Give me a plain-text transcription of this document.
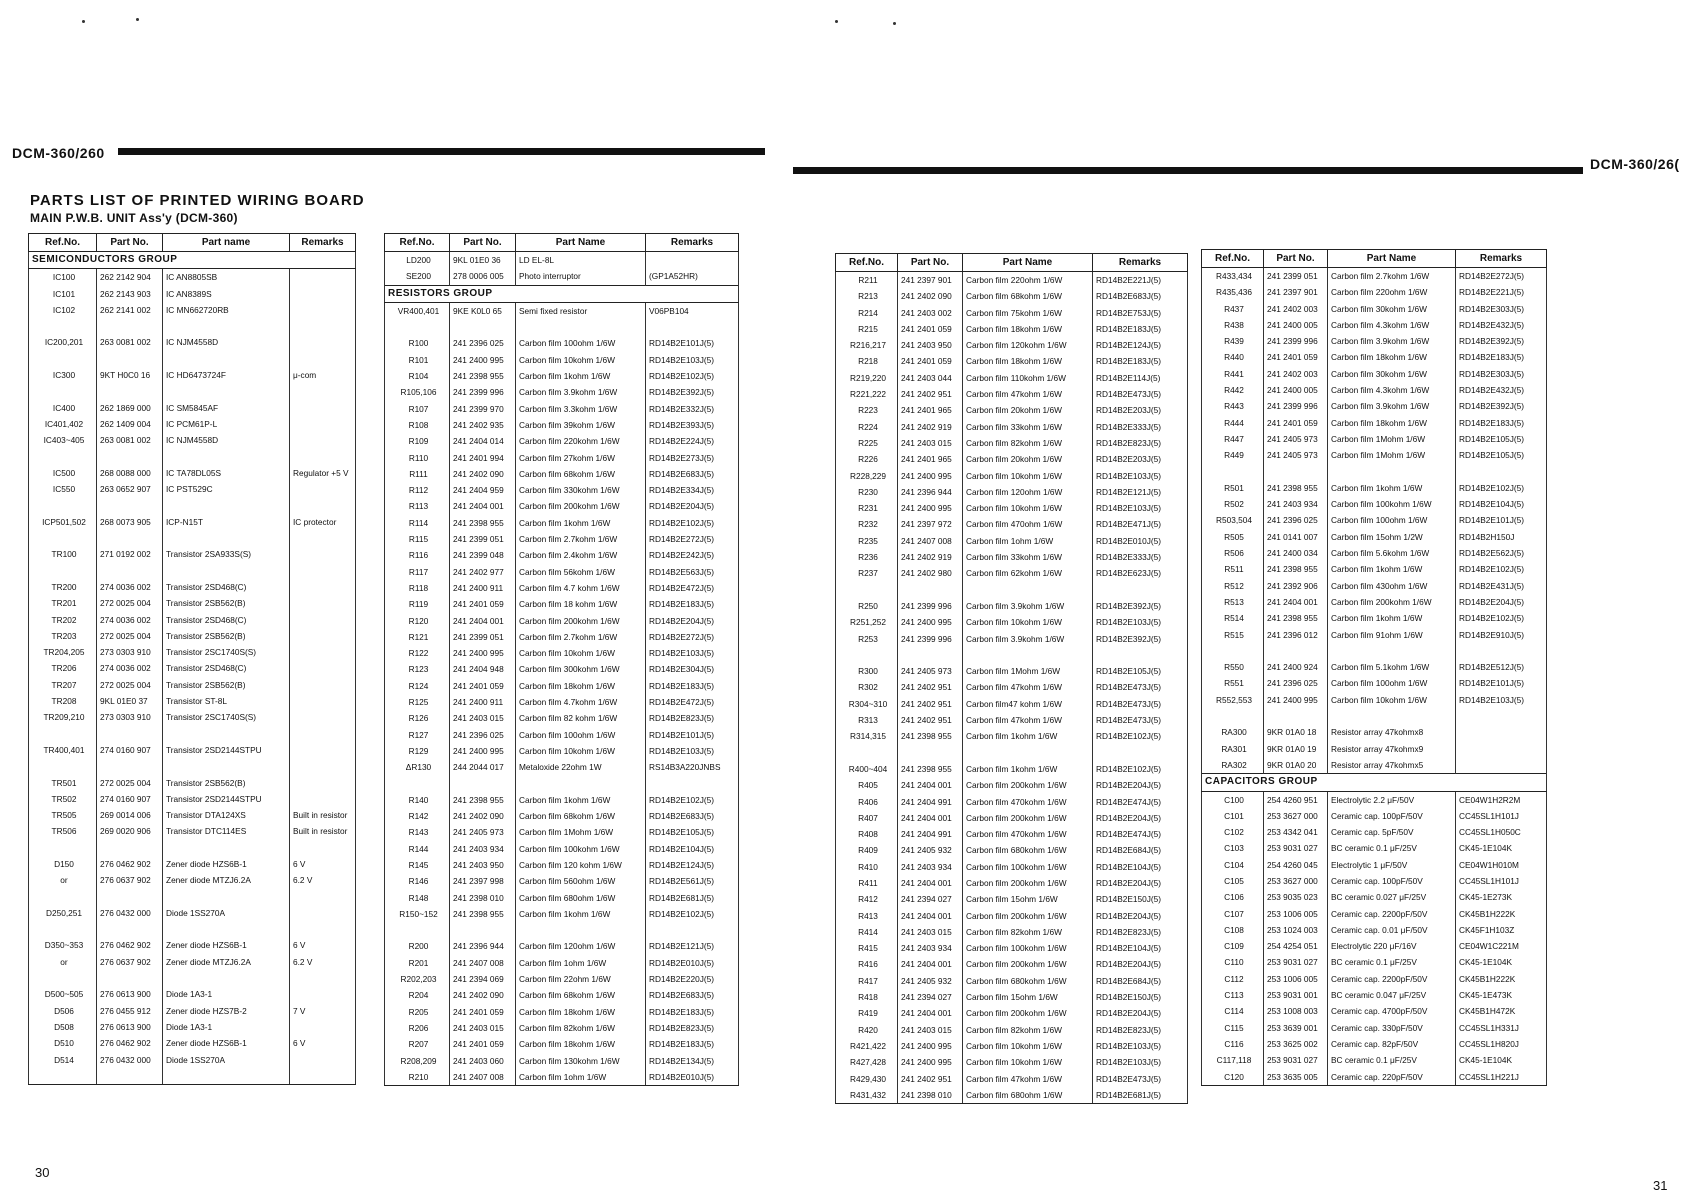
DCM-360/260
PARTS LIST OF PRINTED WIRING BOARD
MAIN P.W.B. UNIT Ass'y (DCM-360)
Ref.No.	Part No.	Part name	Remarks
SEMICONDUCTORS GROUP			
IC100	262 2142 904	IC AN8805SB	
IC101	262 2143 903	IC AN8389S	
IC102	262 2141 002	IC MN662720RB	

IC200,201	263 0081 002	IC NJM4558D	

IC300	9KT H0C0 16	IC HD6473724F	μ-com

IC400	262 1869 000	IC SM5845AF	
IC401,402	262 1409 004	IC PCM61P-L	
IC403~405	263 0081 002	IC NJM4558D	

IC500	268 0088 000	IC TA78DL05S	Regulator +5 V
IC550	263 0652 907	IC PST529C	

ICP501,502	268 0073 905	ICP-N15T	IC protector

TR100	271 0192 002	Transistor 2SA933S(S)	

TR200	274 0036 002	Transistor 2SD468(C)	
TR201	272 0025 004	Transistor 2SB562(B)	
TR202	274 0036 002	Transistor 2SD468(C)	
TR203	272 0025 004	Transistor 2SB562(B)	
TR204,205	273 0303 910	Transistor 2SC1740S(S)	
TR206	274 0036 002	Transistor 2SD468(C)	
TR207	272 0025 004	Transistor 2SB562(B)	
TR208	9KL 01E0 37	Transistor ST-8L	
TR209,210	273 0303 910	Transistor 2SC1740S(S)	

TR400,401	274 0160 907	Transistor 2SD2144STPU	

TR501	272 0025 004	Transistor 2SB562(B)	
TR502	274 0160 907	Transistor 2SD2144STPU	
TR505	269 0014 006	Transistor DTA124XS	Built in resistor
TR506	269 0020 906	Transistor DTC114ES	Built in resistor

D150	276 0462 902	Zener diode HZS6B-1	6 V
or	276 0637 902	Zener diode MTZJ6.2A	6.2 V

D250,251	276 0432 000	Diode 1SS270A	

D350~353	276 0462 902	Zener diode HZS6B-1	6 V
or	276 0637 902	Zener diode MTZJ6.2A	6.2 V

D500~505	276 0613 900	Diode 1A3-1	
D506	276 0455 912	Zener diode HZS7B-2	7 V
D508	276 0613 900	Diode 1A3-1	
D510	276 0462 902	Zener diode HZS6B-1	6 V
D514	276 0432 000	Diode 1SS270A	

Ref.No.	Part No.	Part Name	Remarks
LD200	9KL 01E0 36	LD EL-8L	
SE200	278 0006 005	Photo interruptor	(GP1A52HR)
RESISTORS GROUP			
VR400,401	9KE K0L0 65	Semi fixed resistor	V06PB104

R100	241 2396 025	Carbon film 100ohm 1/6W	RD14B2E101J(5)
R101	241 2400 995	Carbon film 10kohm 1/6W	RD14B2E103J(5)
R104	241 2398 955	Carbon film 1kohm 1/6W	RD14B2E102J(5)
R105,106	241 2399 996	Carbon film 3.9kohm 1/6W	RD14B2E392J(5)
R107	241 2399 970	Carbon film 3.3kohm 1/6W	RD14B2E332J(5)
R108	241 2402 935	Carbon film 39kohm 1/6W	RD14B2E393J(5)
R109	241 2404 014	Carbon film 220kohm 1/6W	RD14B2E224J(5)
R110	241 2401 994	Carbon film 27kohm 1/6W	RD14B2E273J(5)
R111	241 2402 090	Carbon film 68kohm 1/6W	RD14B2E683J(5)
R112	241 2404 959	Carbon film 330kohm 1/6W	RD14B2E334J(5)
R113	241 2404 001	Carbon film 200kohm 1/6W	RD14B2E204J(5)
R114	241 2398 955	Carbon film 1kohm 1/6W	RD14B2E102J(5)
R115	241 2399 051	Carbon film 2.7kohm 1/6W	RD14B2E272J(5)
R116	241 2399 048	Carbon film 2.4kohm 1/6W	RD14B2E242J(5)
R117	241 2402 977	Carbon film 56kohm 1/6W	RD14B2E563J(5)
R118	241 2400 911	Carbon film 4.7 kohm 1/6W	RD14B2E472J(5)
R119	241 2401 059	Carbon film 18 kohm 1/6W	RD14B2E183J(5)
R120	241 2404 001	Carbon film 200kohm 1/6W	RD14B2E204J(5)
R121	241 2399 051	Carbon film 2.7kohm 1/6W	RD14B2E272J(5)
R122	241 2400 995	Carbon film 10kohm 1/6W	RD14B2E103J(5)
R123	241 2404 948	Carbon film 300kohm 1/6W	RD14B2E304J(5)
R124	241 2401 059	Carbon film 18kohm 1/6W	RD14B2E183J(5)
R125	241 2400 911	Carbon film 4.7kohm 1/6W	RD14B2E472J(5)
R126	241 2403 015	Carbon film 82 kohm 1/6W	RD14B2E823J(5)
R127	241 2396 025	Carbon film 100ohm 1/6W	RD14B2E101J(5)
R129	241 2400 995	Carbon film 10kohm 1/6W	RD14B2E103J(5)
ΔR130	244 2044 017	Metaloxide 22ohm 1W	RS14B3A220JNBS

R140	241 2398 955	Carbon film 1kohm 1/6W	RD14B2E102J(5)
R142	241 2402 090	Carbon film 68kohm 1/6W	RD14B2E683J(5)
R143	241 2405 973	Carbon film 1Mohm 1/6W	RD14B2E105J(5)
R144	241 2403 934	Carbon film 100kohm 1/6W	RD14B2E104J(5)
R145	241 2403 950	Carbon film 120 kohm 1/6W	RD14B2E124J(5)
R146	241 2397 998	Carbon film 560ohm 1/6W	RD14B2E561J(5)
R148	241 2398 010	Carbon film 680ohm 1/6W	RD14B2E681J(5)
R150~152	241 2398 955	Carbon film 1kohm 1/6W	RD14B2E102J(5)

R200	241 2396 944	Carbon film 120ohm 1/6W	RD14B2E121J(5)
R201	241 2407 008	Carbon film 1ohm 1/6W	RD14B2E010J(5)
R202,203	241 2394 069	Carbon film 22ohm 1/6W	RD14B2E220J(5)
R204	241 2402 090	Carbon film 68kohm 1/6W	RD14B2E683J(5)
R205	241 2401 059	Carbon film 18kohm 1/6W	RD14B2E183J(5)
R206	241 2403 015	Carbon film 82kohm 1/6W	RD14B2E823J(5)
R207	241 2401 059	Carbon film 18kohm 1/6W	RD14B2E183J(5)
R208,209	241 2403 060	Carbon film 130kohm 1/6W	RD14B2E134J(5)
R210	241 2407 008	Carbon film 1ohm 1/6W	RD14B2E010J(5)
30
DCM-360/26(
Ref.No.	Part No.	Part Name	Remarks
R211	241 2397 901	Carbon film 220ohm 1/6W	RD14B2E221J(5)
R213	241 2402 090	Carbon film 68kohm 1/6W	RD14B2E683J(5)
R214	241 2403 002	Carbon film 75kohm 1/6W	RD14B2E753J(5)
R215	241 2401 059	Carbon film 18kohm 1/6W	RD14B2E183J(5)
R216,217	241 2403 950	Carbon film 120kohm 1/6W	RD14B2E124J(5)
R218	241 2401 059	Carbon film 18kohm 1/6W	RD14B2E183J(5)
R219,220	241 2403 044	Carbon film 110kohm 1/6W	RD14B2E114J(5)
R221,222	241 2402 951	Carbon film 47kohm 1/6W	RD14B2E473J(5)
R223	241 2401 965	Carbon film 20kohm 1/6W	RD14B2E203J(5)
R224	241 2402 919	Carbon film 33kohm 1/6W	RD14B2E333J(5)
R225	241 2403 015	Carbon film 82kohm 1/6W	RD14B2E823J(5)
R226	241 2401 965	Carbon film 20kohm 1/6W	RD14B2E203J(5)
R228,229	241 2400 995	Carbon film 10kohm 1/6W	RD14B2E103J(5)
R230	241 2396 944	Carbon film 120ohm 1/6W	RD14B2E121J(5)
R231	241 2400 995	Carbon film 10kohm 1/6W	RD14B2E103J(5)
R232	241 2397 972	Carbon film 470ohm 1/6W	RD14B2E471J(5)
R235	241 2407 008	Carbon film 1ohm 1/6W	RD14B2E010J(5)
R236	241 2402 919	Carbon film 33kohm 1/6W	RD14B2E333J(5)
R237	241 2402 980	Carbon film 62kohm 1/6W	RD14B2E623J(5)

R250	241 2399 996	Carbon film 3.9kohm 1/6W	RD14B2E392J(5)
R251,252	241 2400 995	Carbon film 10kohm 1/6W	RD14B2E103J(5)
R253	241 2399 996	Carbon film 3.9kohm 1/6W	RD14B2E392J(5)

R300	241 2405 973	Carbon film 1Mohm 1/6W	RD14B2E105J(5)
R302	241 2402 951	Carbon film 47kohm 1/6W	RD14B2E473J(5)
R304~310	241 2402 951	Carbon film47 kohm 1/6W	RD14B2E473J(5)
R313	241 2402 951	Carbon film 47kohm 1/6W	RD14B2E473J(5)
R314,315	241 2398 955	Carbon film 1kohm 1/6W	RD14B2E102J(5)

R400~404	241 2398 955	Carbon film 1kohm 1/6W	RD14B2E102J(5)
R405	241 2404 001	Carbon film 200kohm 1/6W	RD14B2E204J(5)
R406	241 2404 991	Carbon film 470kohm 1/6W	RD14B2E474J(5)
R407	241 2404 001	Carbon film 200kohm 1/6W	RD14B2E204J(5)
R408	241 2404 991	Carbon film 470kohm 1/6W	RD14B2E474J(5)
R409	241 2405 932	Carbon film 680kohm 1/6W	RD14B2E684J(5)
R410	241 2403 934	Carbon film 100kohm 1/6W	RD14B2E104J(5)
R411	241 2404 001	Carbon film 200kohm 1/6W	RD14B2E204J(5)
R412	241 2394 027	Carbon film 15ohm 1/6W	RD14B2E150J(5)
R413	241 2404 001	Carbon film 200kohm 1/6W	RD14B2E204J(5)
R414	241 2403 015	Carbon film 82kohm 1/6W	RD14B2E823J(5)
R415	241 2403 934	Carbon film 100kohm 1/6W	RD14B2E104J(5)
R416	241 2404 001	Carbon film 200kohm 1/6W	RD14B2E204J(5)
R417	241 2405 932	Carbon film 680kohm 1/6W	RD14B2E684J(5)
R418	241 2394 027	Carbon film 15ohm 1/6W	RD14B2E150J(5)
R419	241 2404 001	Carbon film 200kohm 1/6W	RD14B2E204J(5)
R420	241 2403 015	Carbon film 82kohm 1/6W	RD14B2E823J(5)
R421,422	241 2400 995	Carbon film 10kohm 1/6W	RD14B2E103J(5)
R427,428	241 2400 995	Carbon film 10kohm 1/6W	RD14B2E103J(5)
R429,430	241 2402 951	Carbon film 47kohm 1/6W	RD14B2E473J(5)
R431,432	241 2398 010	Carbon film 680ohm 1/6W	RD14B2E681J(5)
Ref.No.	Part No.	Part Name	Remarks
R433,434	241 2399 051	Carbon film 2.7kohm 1/6W	RD14B2E272J(5)
R435,436	241 2397 901	Carbon film 220ohm 1/6W	RD14B2E221J(5)
R437	241 2402 003	Carbon film 30kohm 1/6W	RD14B2E303J(5)
R438	241 2400 005	Carbon film 4.3kohm 1/6W	RD14B2E432J(5)
R439	241 2399 996	Carbon film 3.9kohm 1/6W	RD14B2E392J(5)
R440	241 2401 059	Carbon film 18kohm 1/6W	RD14B2E183J(5)
R441	241 2402 003	Carbon film 30kohm 1/6W	RD14B2E303J(5)
R442	241 2400 005	Carbon film 4.3kohm 1/6W	RD14B2E432J(5)
R443	241 2399 996	Carbon film 3.9kohm 1/6W	RD14B2E392J(5)
R444	241 2401 059	Carbon film 18kohm 1/6W	RD14B2E183J(5)
R447	241 2405 973	Carbon film 1Mohm 1/6W	RD14B2E105J(5)
R449	241 2405 973	Carbon film 1Mohm 1/6W	RD14B2E105J(5)

R501	241 2398 955	Carbon film 1kohm 1/6W	RD14B2E102J(5)
R502	241 2403 934	Carbon film 100kohm 1/6W	RD14B2E104J(5)
R503,504	241 2396 025	Carbon film 100ohm 1/6W	RD14B2E101J(5)
R505	241 0141 007	Carbon film 15ohm 1/2W	RD14B2H150J
R506	241 2400 034	Carbon film 5.6kohm 1/6W	RD14B2E562J(5)
R511	241 2398 955	Carbon film 1kohm 1/6W	RD14B2E102J(5)
R512	241 2392 906	Carbon film 430ohm 1/6W	RD14B2E431J(5)
R513	241 2404 001	Carbon film 200kohm 1/6W	RD14B2E204J(5)
R514	241 2398 955	Carbon film 1kohm 1/6W	RD14B2E102J(5)
R515	241 2396 012	Carbon film 91ohm 1/6W	RD14B2E910J(5)

R550	241 2400 924	Carbon film 5.1kohm 1/6W	RD14B2E512J(5)
R551	241 2396 025	Carbon film 100ohm 1/6W	RD14B2E101J(5)
R552,553	241 2400 995	Carbon film 10kohm 1/6W	RD14B2E103J(5)

RA300	9KR 01A0 18	Resistor array 47kohmx8	
RA301	9KR 01A0 19	Resistor array 47kohmx9	
RA302	9KR 01A0 20	Resistor array 47kohmx5	
CAPACITORS GROUP			
C100	254 4260 951	Electrolytic 2.2 μF/50V	CE04W1H2R2M
C101	253 3627 000	Ceramic cap. 100pF/50V	CC45SL1H101J
C102	253 4342 041	Ceramic cap. 5pF/50V	CC45SL1H050C
C103	253 9031 027	BC ceramic 0.1 μF/25V	CK45-1E104K
C104	254 4260 045	Electrolytic 1 μF/50V	CE04W1H010M
C105	253 3627 000	Ceramic cap. 100pF/50V	CC45SL1H101J
C106	253 9035 023	BC ceramic 0.027 μF/25V	CK45-1E273K
C107	253 1006 005	Ceramic cap. 2200pF/50V	CK45B1H222K
C108	253 1024 003	Ceramic cap. 0.01 μF/50V	CK45F1H103Z
C109	254 4254 051	Electrolytic 220 μF/16V	CE04W1C221M
C110	253 9031 027	BC ceramic 0.1 μF/25V	CK45-1E104K
C112	253 1006 005	Ceramic cap. 2200pF/50V	CK45B1H222K
C113	253 9031 001	BC ceramic 0.047 μF/25V	CK45-1E473K
C114	253 1008 003	Ceramic cap. 4700pF/50V	CK45B1H472K
C115	253 3639 001	Ceramic cap. 330pF/50V	CC45SL1H331J
C116	253 3625 002	Ceramic cap. 82pF/50V	CC45SL1H820J
C117,118	253 9031 027	BC ceramic 0.1 μF/25V	CK45-1E104K
C120	253 3635 005	Ceramic cap. 220pF/50V	CC45SL1H221J
31
